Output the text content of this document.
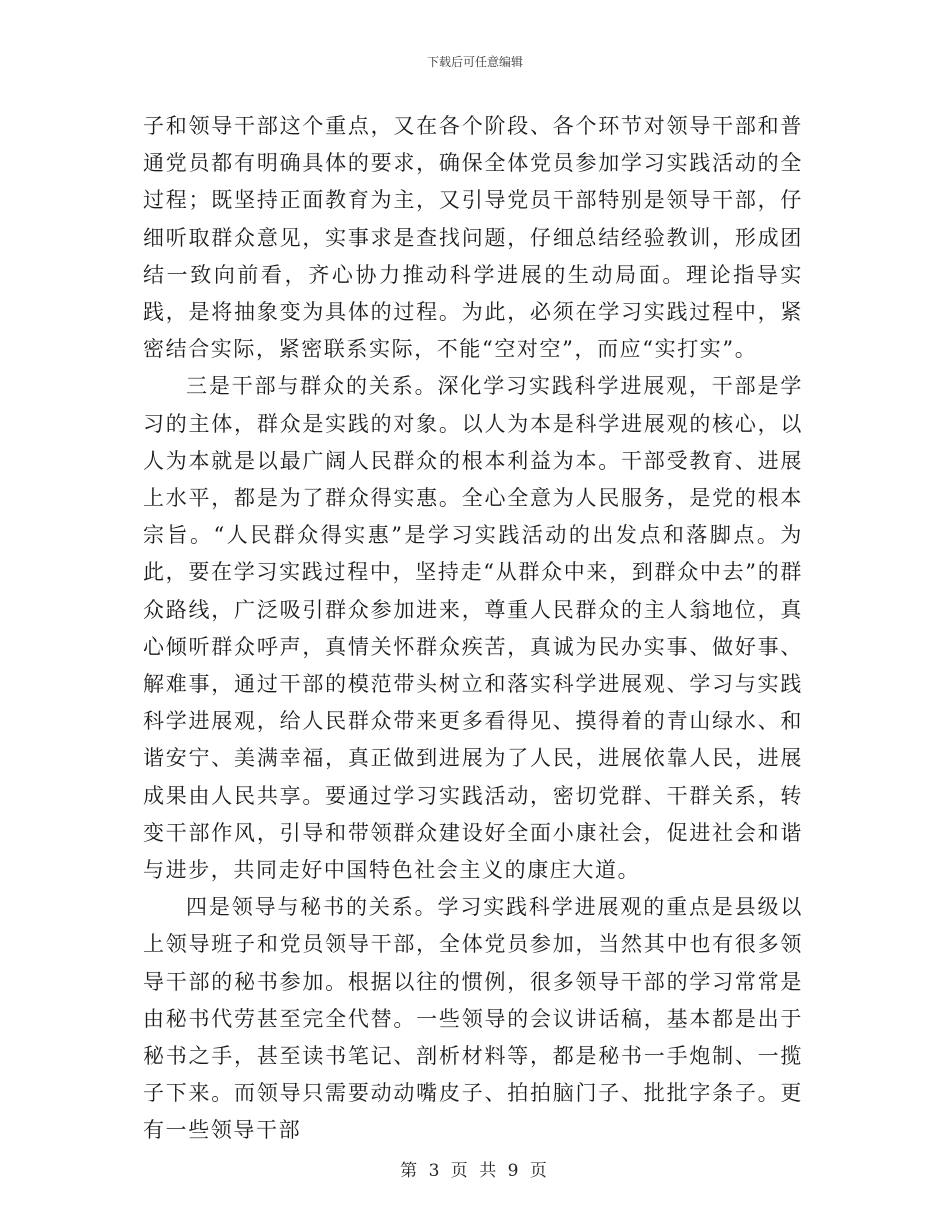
下载后可任意编辑

子和领导干部这个重点，又在各个阶段、各个环节对领导干部和普通党员都有明确具体的要求，确保全体党员参加学习实践活动的全过程；既坚持正面教育为主，又引导党员干部特别是领导干部，仔细听取群众意见，实事求是查找问题，仔细总结经验教训，形成团结一致向前看，齐心协力推动科学进展的生动局面。理论指导实践，是将抽象变为具体的过程。为此，必须在学习实践过程中，紧密结合实际，紧密联系实际，不能“空对空”，而应“实打实”。

三是干部与群众的关系。深化学习实践科学进展观，干部是学习的主体，群众是实践的对象。以人为本是科学进展观的核心，以人为本就是以最广阔人民群众的根本利益为本。干部受教育、进展上水平，都是为了群众得实惠。全心全意为人民服务，是党的根本宗旨。“人民群众得实惠”是学习实践活动的出发点和落脚点。为此，要在学习实践过程中，坚持走“从群众中来，到群众中去”的群众路线，广泛吸引群众参加进来，尊重人民群众的主人翁地位，真心倾听群众呼声，真情关怀群众疾苦，真诚为民办实事、做好事、解难事，通过干部的模范带头树立和落实科学进展观、学习与实践科学进展观，给人民群众带来更多看得见、摸得着的青山绿水、和谐安宁、美满幸福，真正做到进展为了人民，进展依靠人民，进展成果由人民共享。要通过学习实践活动，密切党群、干群关系，转变干部作风，引导和带领群众建设好全面小康社会，促进社会和谐与进步，共同走好中国特色社会主义的康庄大道。

四是领导与秘书的关系。学习实践科学进展观的重点是县级以上领导班子和党员领导干部，全体党员参加，当然其中也有很多领导干部的秘书参加。根据以往的惯例，很多领导干部的学习常常是由秘书代劳甚至完全代替。一些领导的会议讲话稿，基本都是出于秘书之手，甚至读书笔记、剖析材料等，都是秘书一手炮制、一揽子下来。而领导只需要动动嘴皮子、拍拍脑门子、批批字条子。更有一些领导干部

第 3 页 共 9 页
